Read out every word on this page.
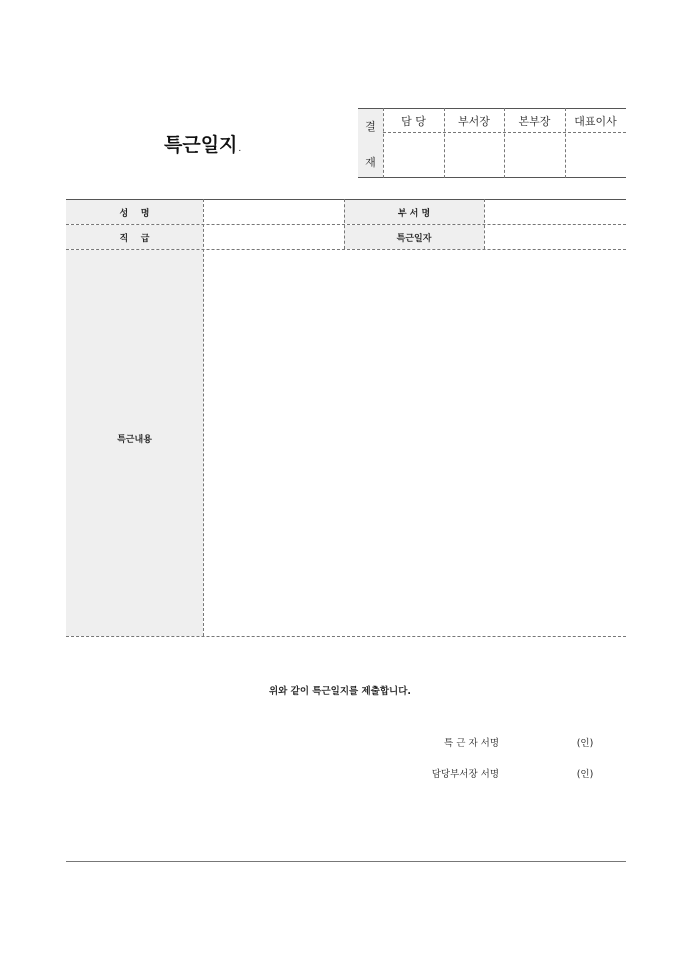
특근일지.
결
재
담 당	부서장	본부장	대표이사
성    명	부 서 명
직    급	특근일자
특근내용
위와 같이 특근일지를 제출합니다.
특 근 자 서명	(인)
담당부서장 서명	(인)
